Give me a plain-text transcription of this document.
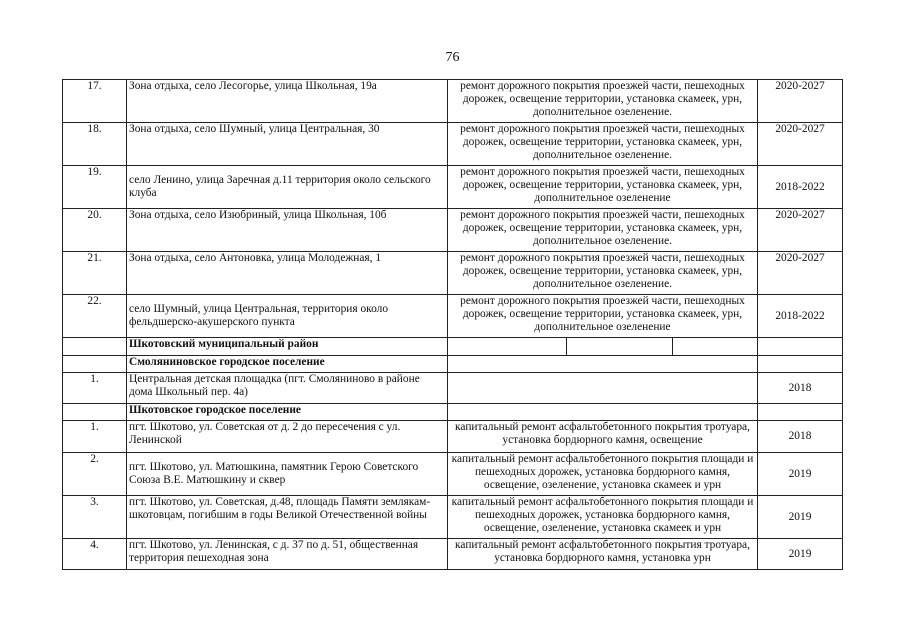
76
17.	Зона отдыха, село Лесогорье, улица Школьная, 19а	ремонт дорожного покрытия проезжей части, пешеходных дорожек, освещение территории, установка скамеек, урн, дополнительное озеленение.	2020-2027
18.	Зона отдыха, село Шумный, улица Центральная, 30	ремонт дорожного покрытия проезжей части, пешеходных дорожек, освещение территории, установка скамеек, урн, дополнительное озеленение.	2020-2027
19.	село Ленино, улица Заречная д.11 территория около сельского клуба	ремонт дорожного покрытия проезжей части, пешеходных дорожек, освещение территории, установка скамеек, урн, дополнительное озеленение	2018-2022
20.	Зона отдыха, село Изюбриный, улица Школьная, 10б	ремонт дорожного покрытия проезжей части, пешеходных дорожек, освещение территории, установка скамеек, урн, дополнительное озеленение.	2020-2027
21.	Зона отдыха, село Антоновка, улица Молодежная, 1	ремонт дорожного покрытия проезжей части, пешеходных дорожек, освещение территории, установка скамеек, урн, дополнительное озеленение.	2020-2027
22.	село Шумный, улица Центральная, территория около фельдшерско-акушерского пункта	ремонт дорожного покрытия проезжей части, пешеходных дорожек, освещение территории, установка скамеек, урн, дополнительное озеленение	2018-2022
	Шкотовский муниципальный район	

	Смоляниновское городское поселение		
1.	Центральная детская площадка (пгт. Смоляниново в районе дома Школьный пер. 4а)		2018
	Шкотовское городское поселение		
1.	пгт. Шкотово, ул. Советская от д. 2 до пересечения с ул. Ленинской	капитальный ремонт асфальтобетонного покрытия тротуара, установка бордюрного камня, освещение	2018
2.	пгт. Шкотово, ул. Матюшкина, памятник Герою Советского Союза В.Е. Матюшкину и сквер	капитальный ремонт асфальтобетонного покрытия площади и пешеходных дорожек, установка бордюрного камня, освещение, озеленение, установка скамеек и урн	2019
3.	пгт. Шкотово, ул. Советская, д.48, площадь Памяти землякам-шкотовцам, погибшим в годы Великой Отечественной войны	капитальный ремонт асфальтобетонного покрытия площади и пешеходных дорожек, установка бордюрного камня, освещение, озеленение, установка скамеек и урн	2019
4.	пгт. Шкотово, ул. Ленинская, с д. 37 по д. 51, общественная территория пешеходная зона	капитальный ремонт асфальтобетонного покрытия тротуара, установка бордюрного камня, установка урн	2019
